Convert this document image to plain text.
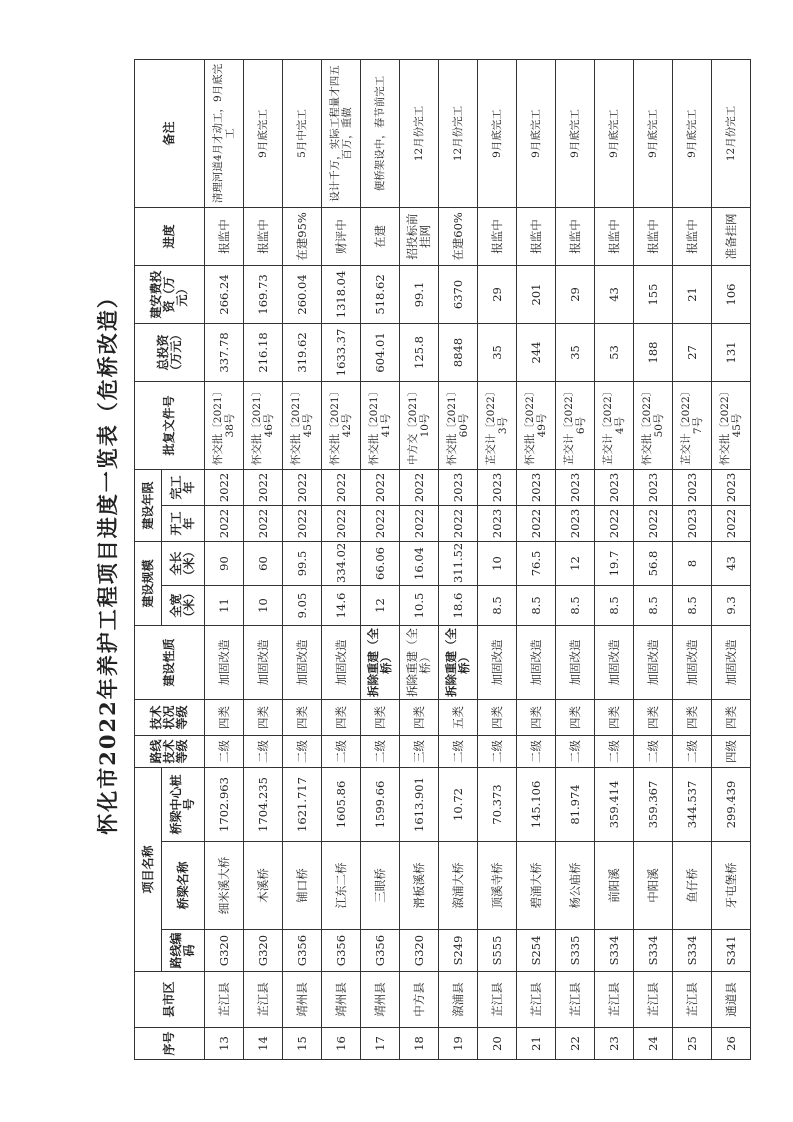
怀化市2022年养护工程项目进度一览表（危桥改造）
序号	县市区	项目名称			路线技术等级	技术状况等级	建设性质	建设规模		建设年限		批复文件号	总投资（万元）	建安费投资（万元）	进度	备注
		路线编码	桥梁名称	桥梁中心桩号				全宽（米）	全长（米）	开工年	完工年					
13	芷江县	G320	细米溪大桥	1702.963	二级	四类	加固改造	11	90	2022	2022	怀交批〔2021〕38号	337.78	266.24	报监中	清理河道4月才动工，9月底完工
14	芷江县	G320	木溪桥	1704.235	二级	四类	加固改造	10	60	2022	2022	怀交批〔2021〕46号	216.18	169.73	报监中	9月底完工
15	靖州县	G356	铺口桥	1621.717	二级	四类	加固改造	9.05	99.5	2022	2022	怀交批〔2021〕45号	319.62	260.04	在建95%	5月中完工
16	靖州县	G356	江东二桥	1605.86	二级	四类	加固改造	14.6	334.02	2022	2022	怀交批〔2021〕42号	1633.37	1318.04	财评中	设计千万，实际工程量才四五百万，重做
17	靖州县	G356	三眼桥	1599.66	二级	四类	拆除重建（全桥）	12	66.06	2022	2022	怀交批〔2021〕41号	604.01	518.62	在建	便桥架设中，春节前完工
18	中方县	G320	滑板溪桥	1613.901	三级	四类	拆除重建（全桥）	10.5	16.04	2022	2022	中方交〔2021〕10号	125.8	99.1	招投标前挂网	12月份完工
19	溆浦县	S249	溆浦大桥	10.72	二级	五类	拆除重建（全桥）	18.6	311.52	2022	2023	怀交批〔2021〕60号	8848	6370	在建60%	12月份完工
20	芷江县	S555	顶溪寺桥	70.373	二级	四类	加固改造	8.5	10	2023	2023	芷交计〔2022〕3号	35	29	报监中	9月底完工
21	芷江县	S254	碧涌大桥	145.106	二级	四类	加固改造	8.5	76.5	2022	2023	怀交批〔2022〕49号	244	201	报监中	9月底完工
22	芷江县	S335	杨公庙桥	81.974	二级	四类	加固改造	8.5	12	2023	2023	芷交计〔2022〕6号	35	29	报监中	9月底完工
23	芷江县	S334	前阳溪	359.414	二级	四类	加固改造	8.5	19.7	2022	2023	芷交计〔2022〕4号	53	43	报监中	9月底完工
24	芷江县	S334	中阳溪	359.367	二级	四类	加固改造	8.5	56.8	2022	2023	怀交批〔2022〕50号	188	155	报监中	9月底完工
25	芷江县	S334	鱼仔桥	344.537	二级	四类	加固改造	8.5	8	2023	2023	芷交计〔2022〕7号	27	21	报监中	9月底完工
26	通道县	S341	牙屯堡桥	299.439	四级	四类	加固改造	9.3	43	2022	2023	怀交批〔2022〕45号	131	106	准备挂网	12月份完工
